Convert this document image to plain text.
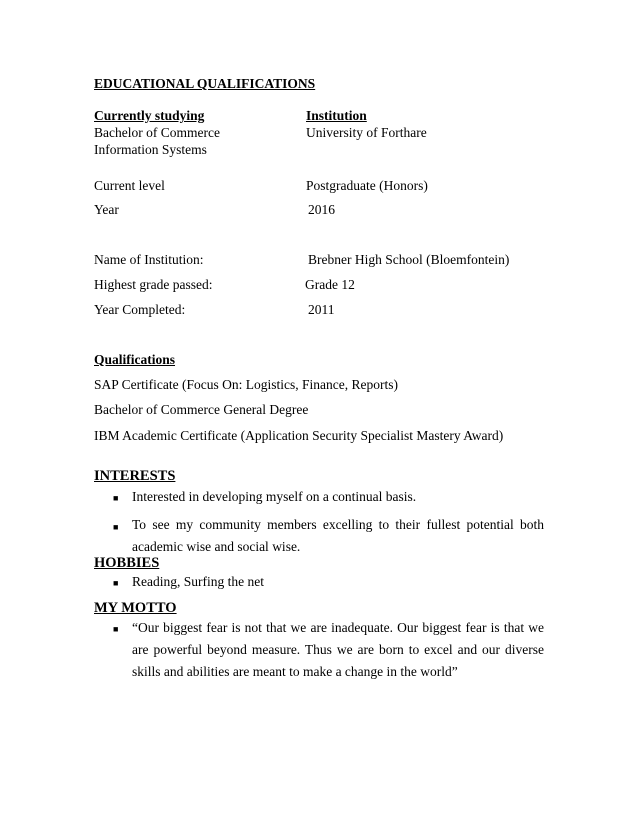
EDUCATIONAL QUALIFICATIONS
Currently studying	Institution
Bachelor of Commerce	University of Forthare
Information Systems
Current level	Postgraduate (Honors)
Year	2016
Name of Institution:	Brebner High School (Bloemfontein)
Highest grade passed:	Grade 12
Year Completed:	2011
Qualifications
SAP Certificate (Focus On: Logistics, Finance, Reports)
Bachelor of Commerce General Degree
IBM Academic Certificate (Application Security Specialist Mastery Award)
INTERESTS
■ Interested in developing myself on a continual basis.
■ To see my community members excelling to their fullest potential both academic wise and social wise.
HOBBIES
■ Reading, Surfing the net
MY MOTTO
■ “Our biggest fear is not that we are inadequate. Our biggest fear is that we are powerful beyond measure. Thus we are born to excel and our diverse skills and abilities are meant to make a change in the world”
